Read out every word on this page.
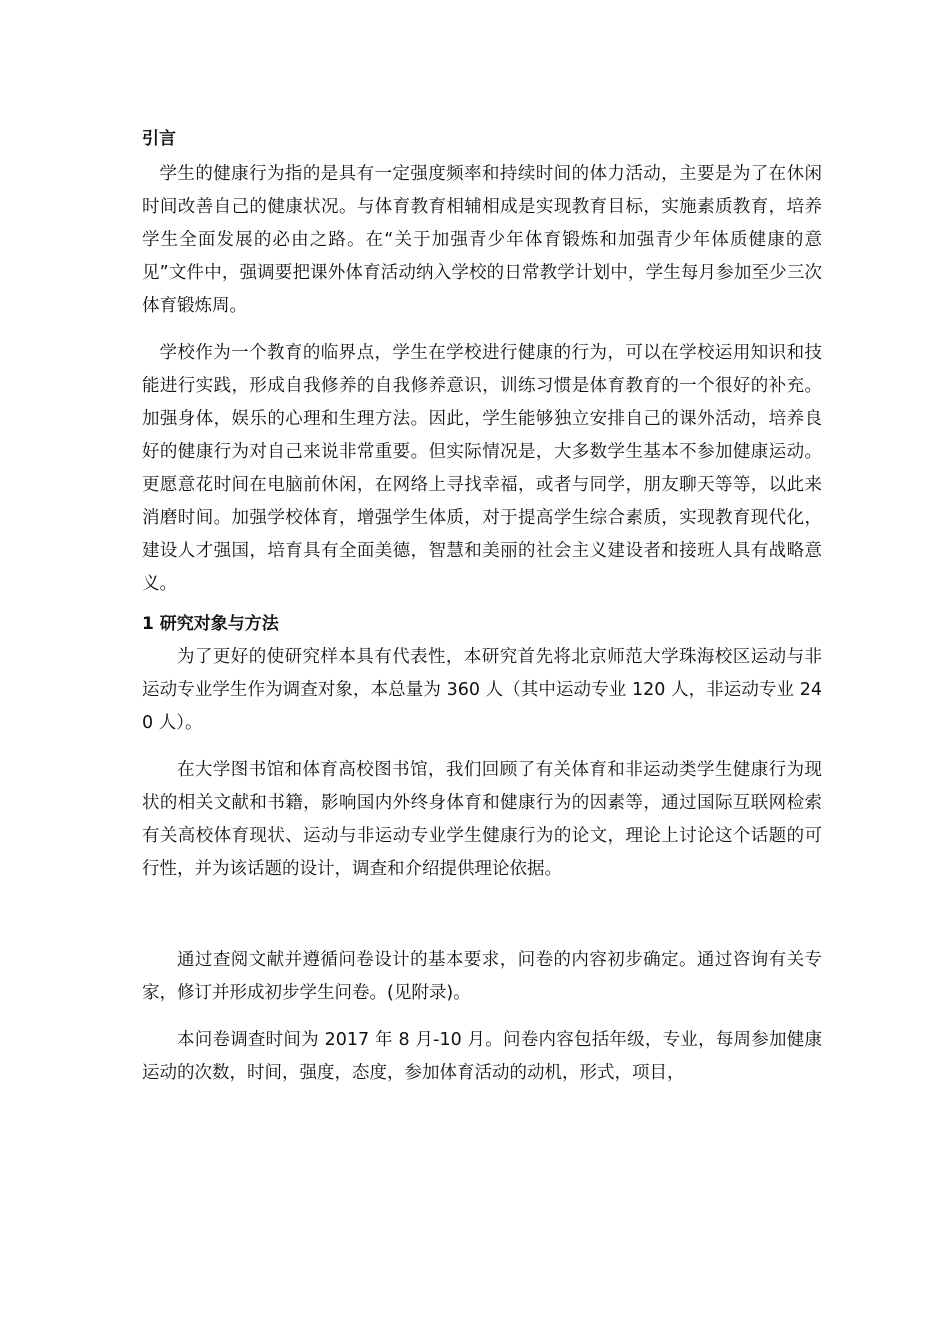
引言

学生的健康行为指的是具有一定强度频率和持续时间的体力活动，主要是为了在休闲时间改善自己的健康状况。与体育教育相辅相成是实现教育目标，实施素质教育，培养学生全面发展的必由之路。在“关于加强青少年体育锻炼和加强青少年体质健康的意见”文件中，强调要把课外体育活动纳入学校的日常教学计划中，学生每月参加至少三次体育锻炼周。

学校作为一个教育的临界点，学生在学校进行健康的行为，可以在学校运用知识和技能进行实践，形成自我修养的自我修养意识，训练习惯是体育教育的一个很好的补充。加强身体，娱乐的心理和生理方法。因此，学生能够独立安排自己的课外活动，培养良好的健康行为对自己来说非常重要。但实际情况是，大多数学生基本不参加健康运动。更愿意花时间在电脑前休闲，在网络上寻找幸福，或者与同学，朋友聊天等等，以此来消磨时间。加强学校体育，增强学生体质，对于提高学生综合素质，实现教育现代化，建设人才强国，培育具有全面美德，智慧和美丽的社会主义建设者和接班人具有战略意义。

1 研究对象与方法

为了更好的使研究样本具有代表性，本研究首先将北京师范大学珠海校区运动与非运动专业学生作为调查对象，本总量为 360 人（其中运动专业 120 人，非运动专业 240 人）。

在大学图书馆和体育高校图书馆，我们回顾了有关体育和非运动类学生健康行为现状的相关文献和书籍，影响国内外终身体育和健康行为的因素等，通过国际互联网检索有关高校体育现状、运动与非运动专业学生健康行为的论文，理论上讨论这个话题的可行性，并为该话题的设计，调查和介绍提供理论依据。

通过查阅文献并遵循问卷设计的基本要求，问卷的内容初步确定。通过咨询有关专家，修订并形成初步学生问卷。(见附录)。

本问卷调查时间为 2017 年 8 月-10 月。问卷内容包括年级，专业，每周参加健康运动的次数，时间，强度，态度，参加体育活动的动机，形式，项目，
